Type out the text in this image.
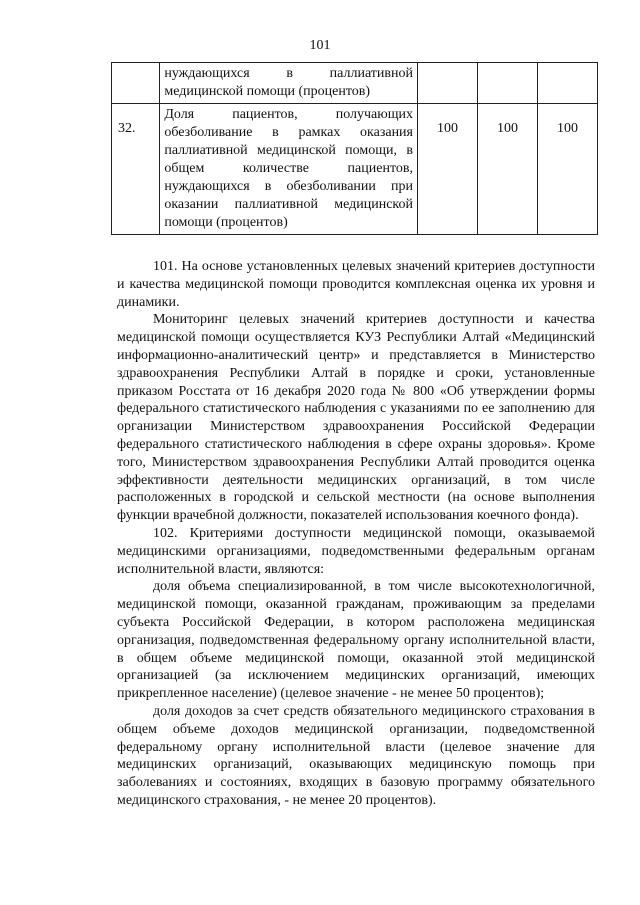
101
	нуждающихся в паллиативной медицинской помощи (процентов)			
32.	Доля пациентов, получающих обезболивание в рамках оказания паллиативной медицинской помощи, в общем количестве пациентов, нуждающихся в обезболивании при оказании паллиативной медицинской помощи (процентов)	100	100	100

101. На основе установленных целевых значений критериев доступности и качества медицинской помощи проводится комплексная оценка их уровня и динамики.

Мониторинг целевых значений критериев доступности и качества медицинской помощи осуществляется КУЗ Республики Алтай «Медицинский информационно-аналитический центр» и представляется в Министерство здравоохранения Республики Алтай в порядке и сроки, установленные приказом Росстата от 16 декабря 2020 года № 800 «Об утверждении формы федерального статистического наблюдения с указаниями по ее заполнению для организации Министерством здравоохранения Российской Федерации федерального статистического наблюдения в сфере охраны здоровья». Кроме того, Министерством здравоохранения Республики Алтай проводится оценка эффективности деятельности медицинских организаций, в том числе расположенных в городской и сельской местности (на основе выполнения функции врачебной должности, показателей использования коечного фонда).

102. Критериями доступности медицинской помощи, оказываемой медицинскими организациями, подведомственными федеральным органам исполнительной власти, являются:

доля объема специализированной, в том числе высокотехнологичной, медицинской помощи, оказанной гражданам, проживающим за пределами субъекта Российской Федерации, в котором расположена медицинская организация, подведомственная федеральному органу исполнительной власти, в общем объеме медицинской помощи, оказанной этой медицинской организацией (за исключением медицинских организаций, имеющих прикрепленное население) (целевое значение - не менее 50 процентов);

доля доходов за счет средств обязательного медицинского страхования в общем объеме доходов медицинской организации, подведомственной федеральному органу исполнительной власти (целевое значение для медицинских организаций, оказывающих медицинскую помощь при заболеваниях и состояниях, входящих в базовую программу обязательного медицинского страхования, - не менее 20 процентов).
